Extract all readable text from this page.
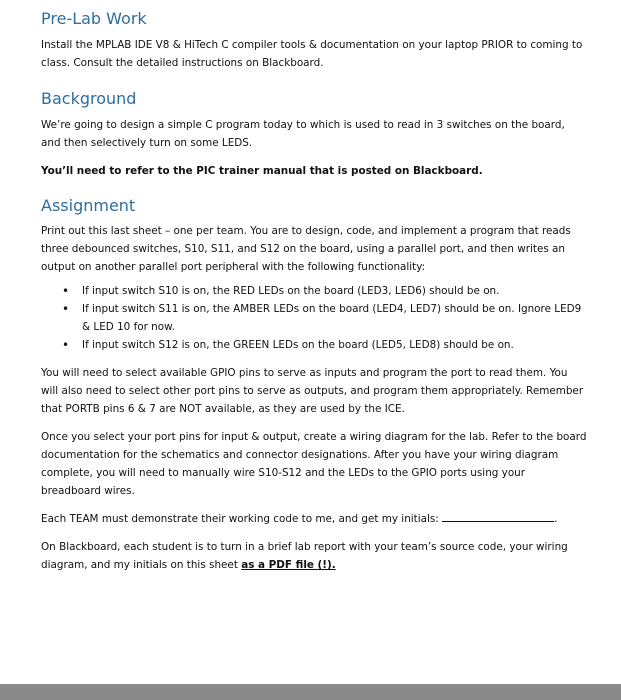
Pre-Lab Work

Install the MPLAB IDE V8 & HiTech C compiler tools & documentation on your laptop PRIOR to coming to class. Consult the detailed instructions on Blackboard.

Background

We’re going to design a simple C program today to which is used to read in 3 switches on the board, and then selectively turn on some LEDS.

You’ll need to refer to the PIC trainer manual that is posted on Blackboard.

Assignment

Print out this last sheet – one per team. You are to design, code, and implement a program that reads three debounced switches, S10, S11, and S12 on the board, using a parallel port, and then writes an output on another parallel port peripheral with the following functionality:

• If input switch S10 is on, the RED LEDs on the board (LED3, LED6) should be on.
• If input switch S11 is on, the AMBER LEDs on the board (LED4, LED7) should be on. Ignore LED9 & LED 10 for now.
• If input switch S12 is on, the GREEN LEDs on the board (LED5, LED8) should be on.

You will need to select available GPIO pins to serve as inputs and program the port to read them. You will also need to select other port pins to serve as outputs, and program them appropriately. Remember that PORTB pins 6 & 7 are NOT available, as they are used by the ICE.

Once you select your port pins for input & output, create a wiring diagram for the lab. Refer to the board documentation for the schematics and connector designations. After you have your wiring diagram complete, you will need to manually wire S10-S12 and the LEDs to the GPIO ports using your breadboard wires.

Each TEAM must demonstrate their working code to me, and get my initials:	.

On Blackboard, each student is to turn in a brief lab report with your team’s source code, your wiring diagram, and my initials on this sheet as a PDF file (!).
